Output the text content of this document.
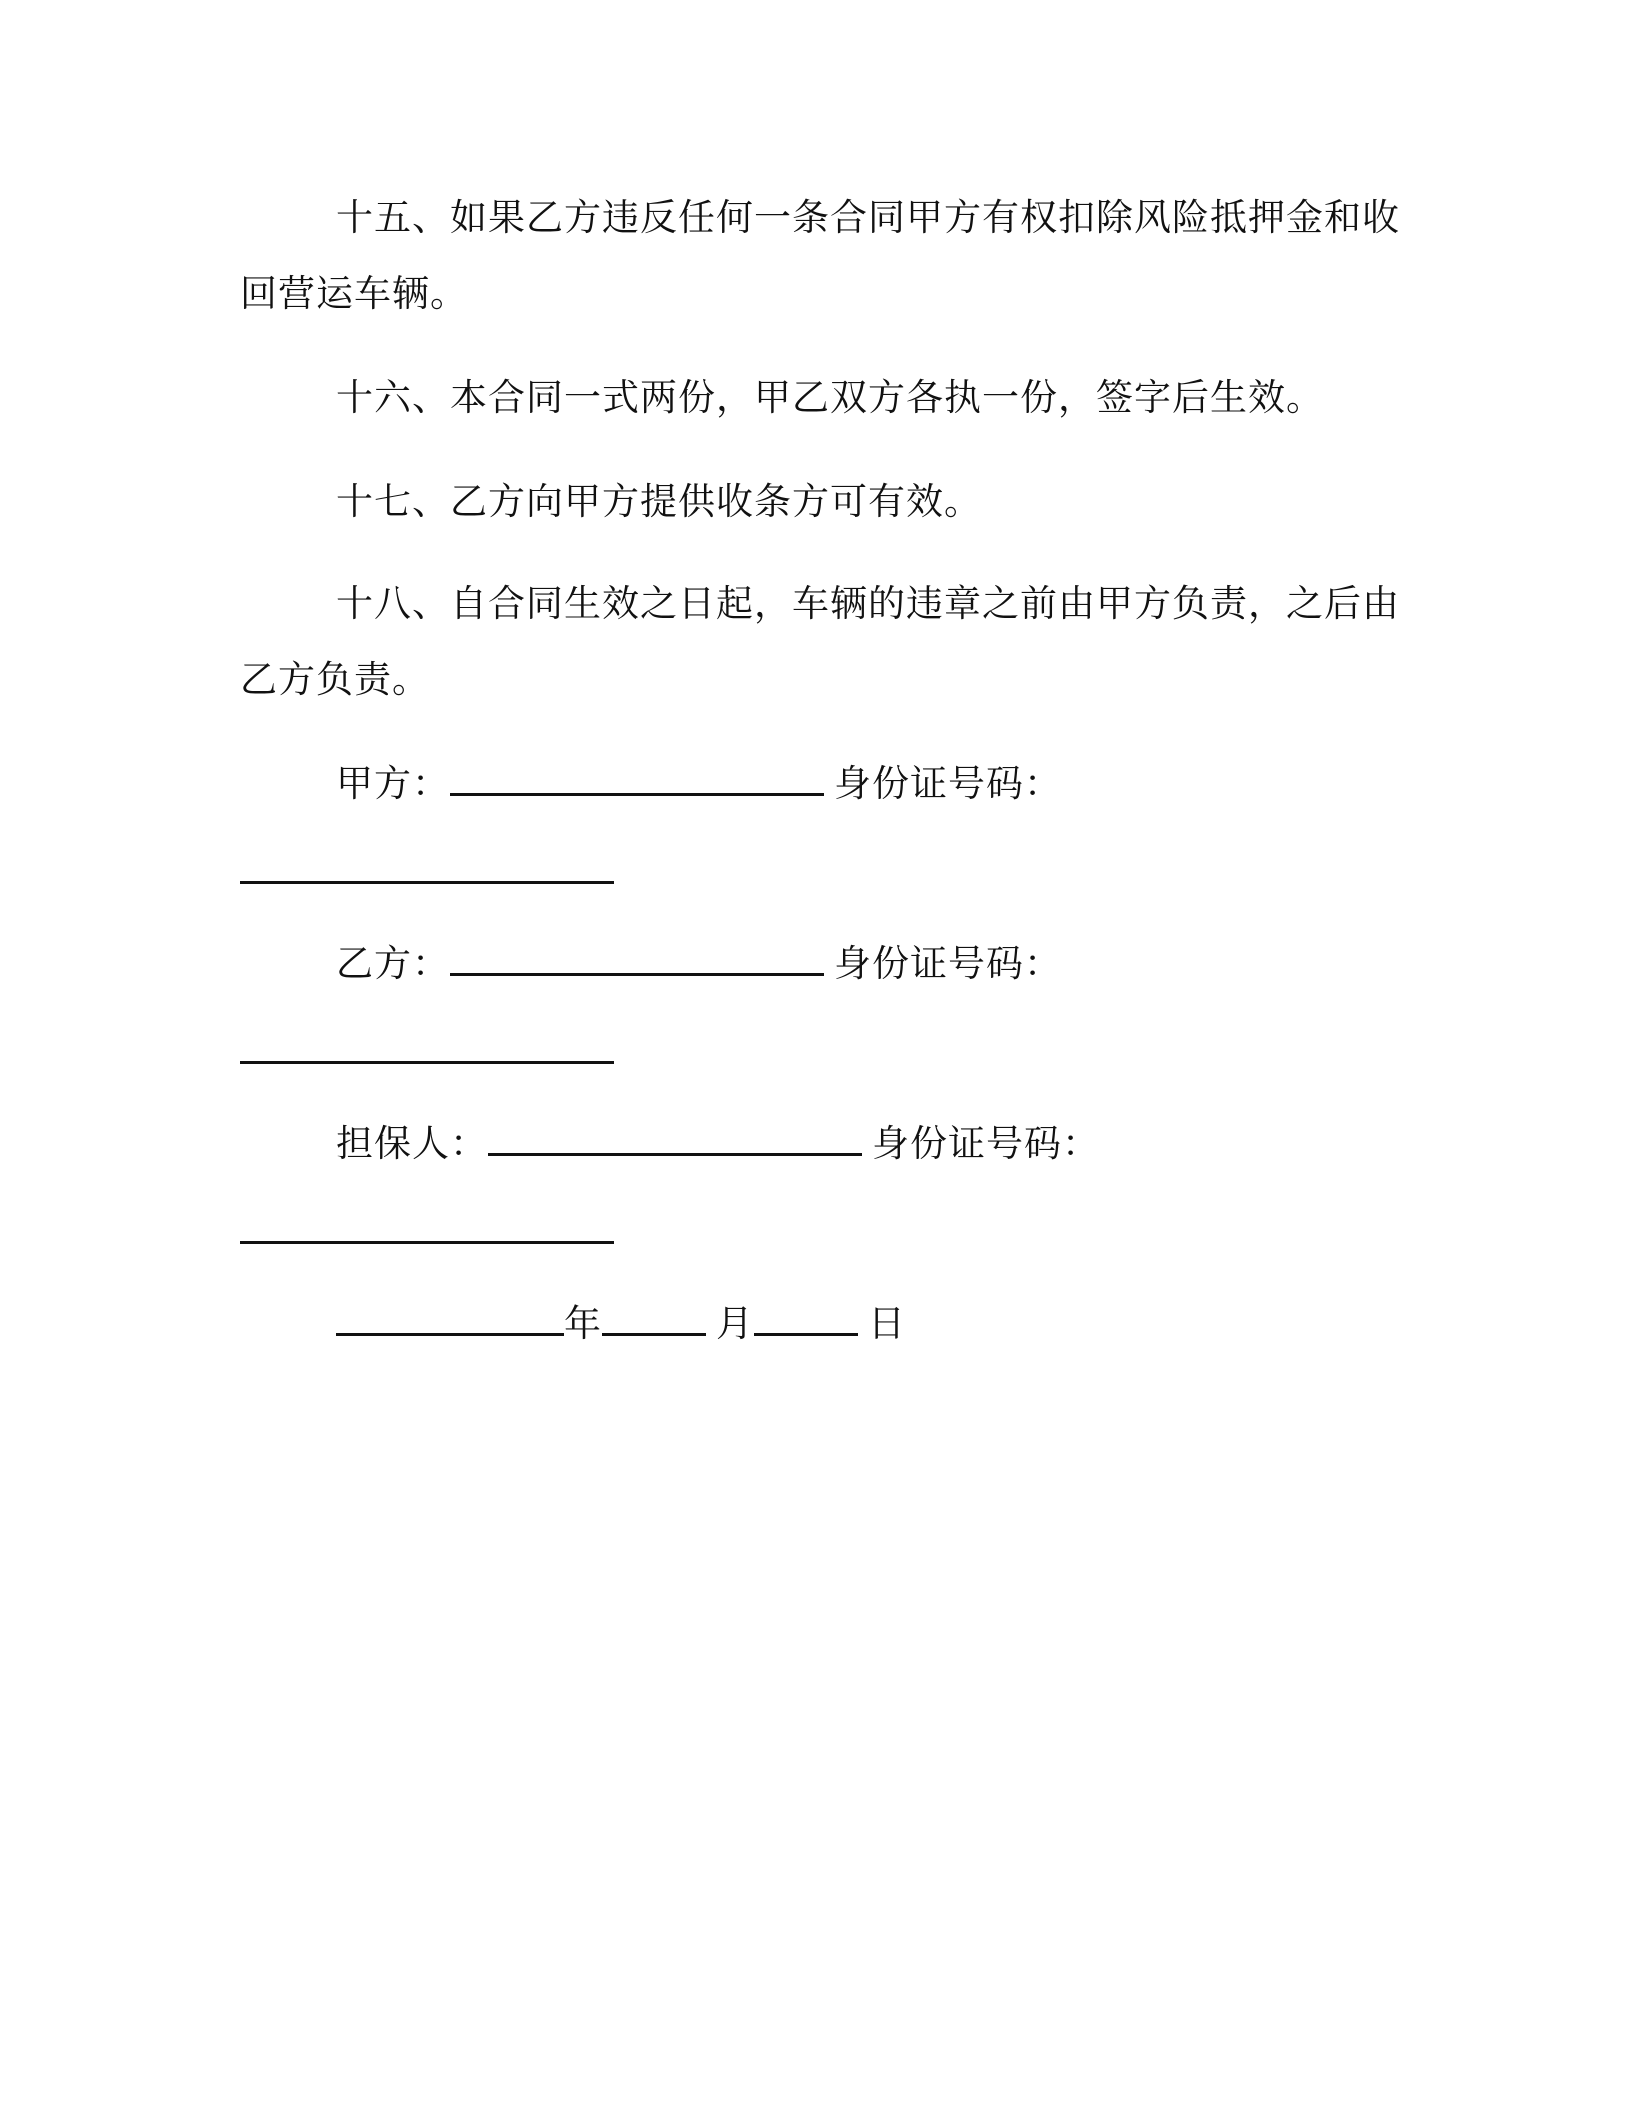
十五、如果乙方违反任何一条合同甲方有权扣除风险抵押金和收
回营运车辆。
十六、本合同一式两份，甲乙双方各执一份，签字后生效。
十七、乙方向甲方提供收条方可有效。
十八、自合同生效之日起，车辆的违章之前由甲方负责，之后由
乙方负责。
甲方：	身份证号码：
乙方：	身份证号码：
担保人：	身份证号码：
年	月	日
